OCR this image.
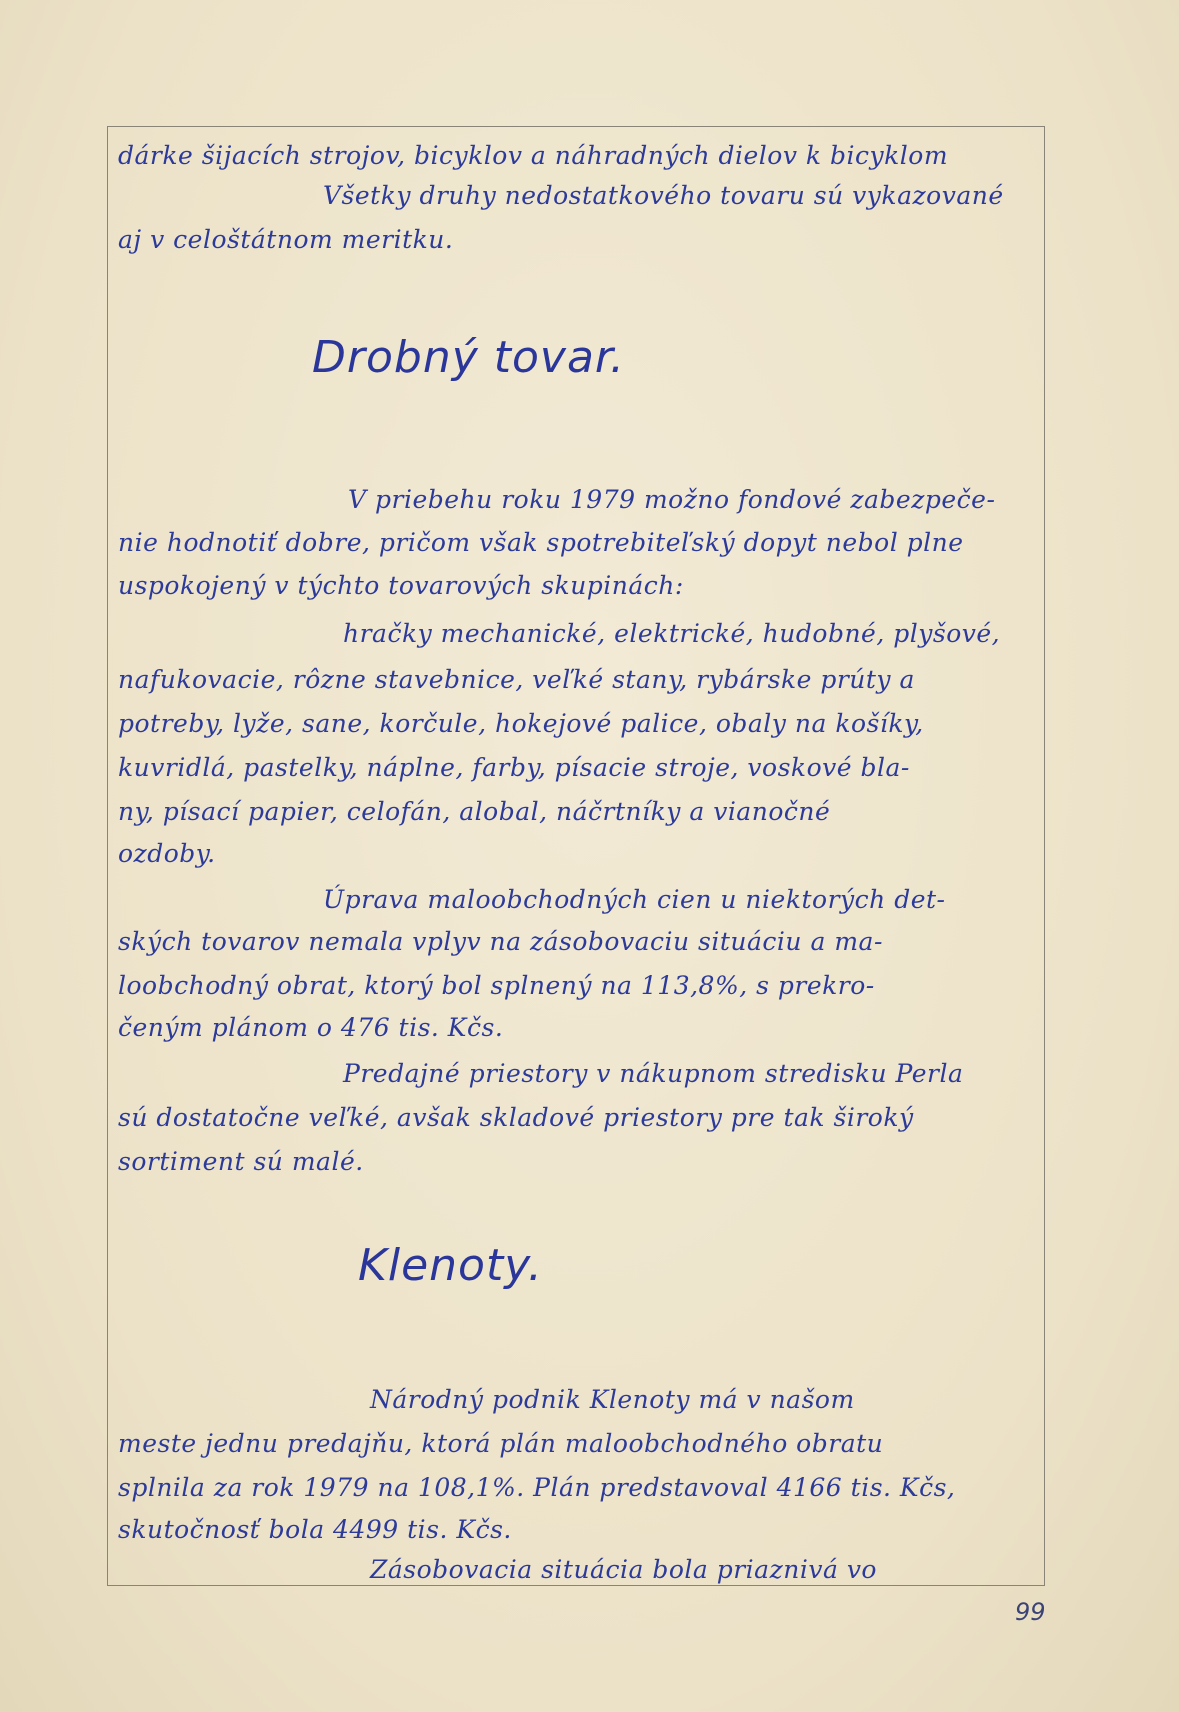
dárke šijacích strojov, bicyklov a náhradných dielov k bicyklom
Všetky druhy nedostatkového tovaru sú vykazované
aj v celoštátnom meritku.
Drobný tovar.
V priebehu roku 1979 možno fondové zabezpeče-
nie hodnotiť dobre, pričom však spotrebiteľský dopyt nebol plne
uspokojený v týchto tovarových skupinách:
hračky mechanické, elektrické, hudobné, plyšové,
nafukovacie, rôzne stavebnice, veľké stany, rybárske prúty a
potreby, lyže, sane, korčule, hokejové palice, obaly na košíky,
kuvridlá, pastelky, náplne, farby, písacie stroje, voskové bla-
ny, písací papier, celofán, alobal, náčrtníky a vianočné
ozdoby.
Úprava maloobchodných cien u niektorých det-
ských tovarov nemala vplyv na zásobovaciu situáciu a ma-
loobchodný obrat, ktorý bol splnený na 113,8%, s prekro-
čeným plánom o 476 tis. Kčs.
Predajné priestory v nákupnom stredisku Perla
sú dostatočne veľké, avšak skladové priestory pre tak široký
sortiment sú malé.
Klenoty.
Národný podnik Klenoty má v našom
meste jednu predajňu, ktorá plán maloobchodného obratu
splnila za rok 1979 na 108,1%. Plán predstavoval 4166 tis. Kčs,
skutočnosť bola 4499 tis. Kčs.
Zásobovacia situácia bola priaznivá vo
99
